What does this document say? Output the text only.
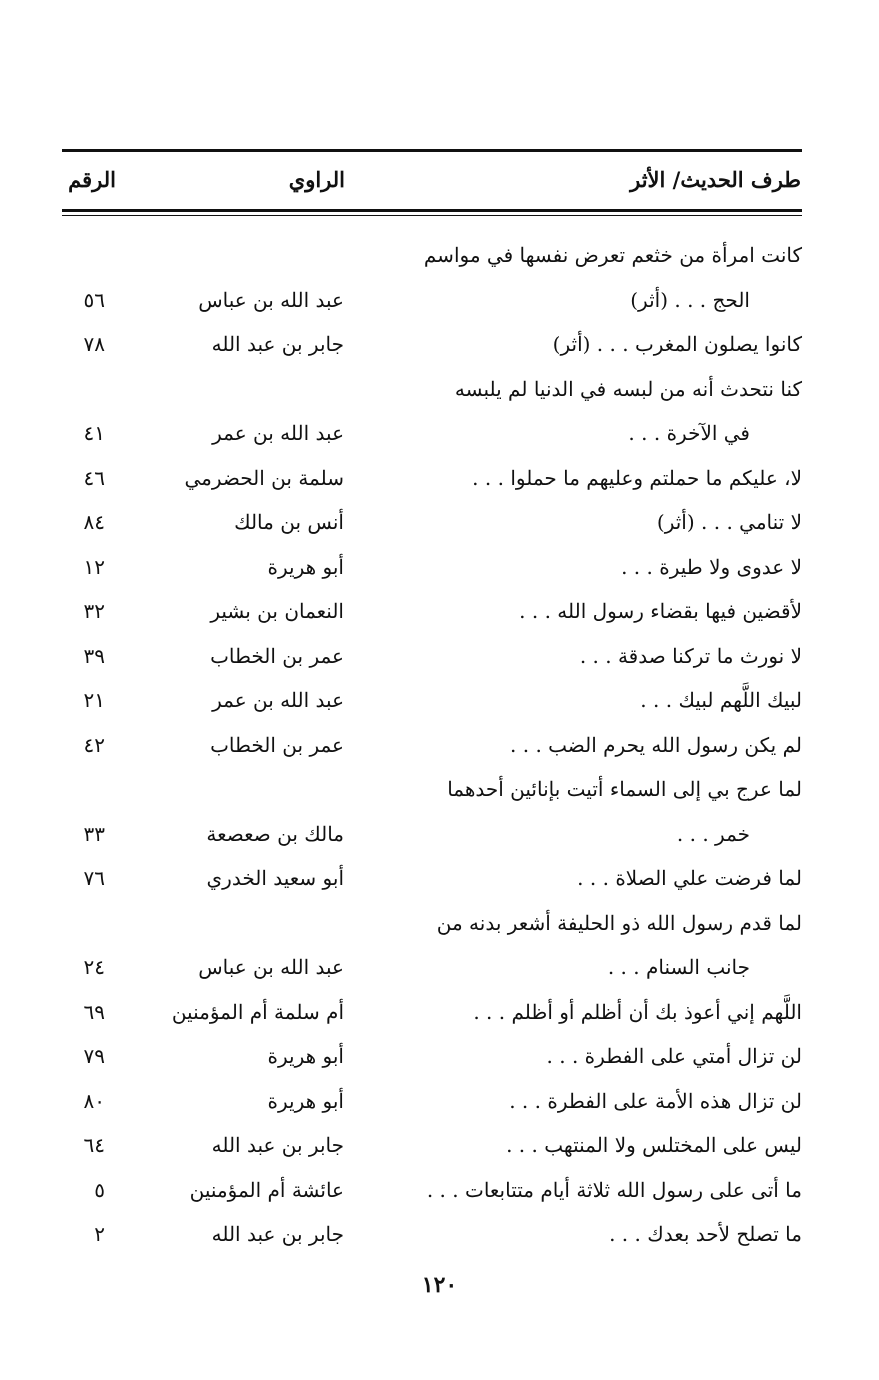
طرف الحديث/ الأثر
الراوي
الرقم
كانت امرأة من خثعم تعرض نفسها في مواسم
الحج . . . (أثر)
عبد الله بن عباس
٥٦
كانوا يصلون المغرب . . . (أثر)
جابر بن عبد الله
٧٨
كنا نتحدث أنه من لبسه في الدنيا لم يلبسه
في الآخرة . . .
عبد الله بن عمر
٤١
لا، عليكم ما حملتم وعليهم ما حملوا . . .
سلمة بن الحضرمي
٤٦
لا تنامي . . . (أثر)
أنس بن مالك
٨٤
لا عدوى ولا طيرة . . .
أبو هريرة
١٢
لأقضين فيها بقضاء رسول الله . . .
النعمان بن بشير
٣٢
لا نورث ما تركنا صدقة . . .
عمر بن الخطاب
٣٩
لبيك اللَّهم لبيك . . .
عبد الله بن عمر
٢١
لم يكن رسول الله يحرم الضب . . .
عمر بن الخطاب
٤٢
لما عرج بي إلى السماء أتيت بإنائين أحدهما
خمر . . .
مالك بن صعصعة
٣٣
لما فرضت علي الصلاة . . .
أبو سعيد الخدري
٧٦
لما قدم رسول الله ذو الحليفة أشعر بدنه من
جانب السنام . . .
عبد الله بن عباس
٢٤
اللَّهم إني أعوذ بك أن أظلم أو أظلم . . .
أم سلمة أم المؤمنين
٦٩
لن تزال أمتي على الفطرة . . .
أبو هريرة
٧٩
لن تزال هذه الأمة على الفطرة . . .
أبو هريرة
٨٠
ليس على المختلس ولا المنتهب . . .
جابر بن عبد الله
٦٤
ما أتى على رسول الله ثلاثة أيام متتابعات . . .
عائشة أم المؤمنين
٥
ما تصلح لأحد بعدك . . .
جابر بن عبد الله
٢
١٢٠
